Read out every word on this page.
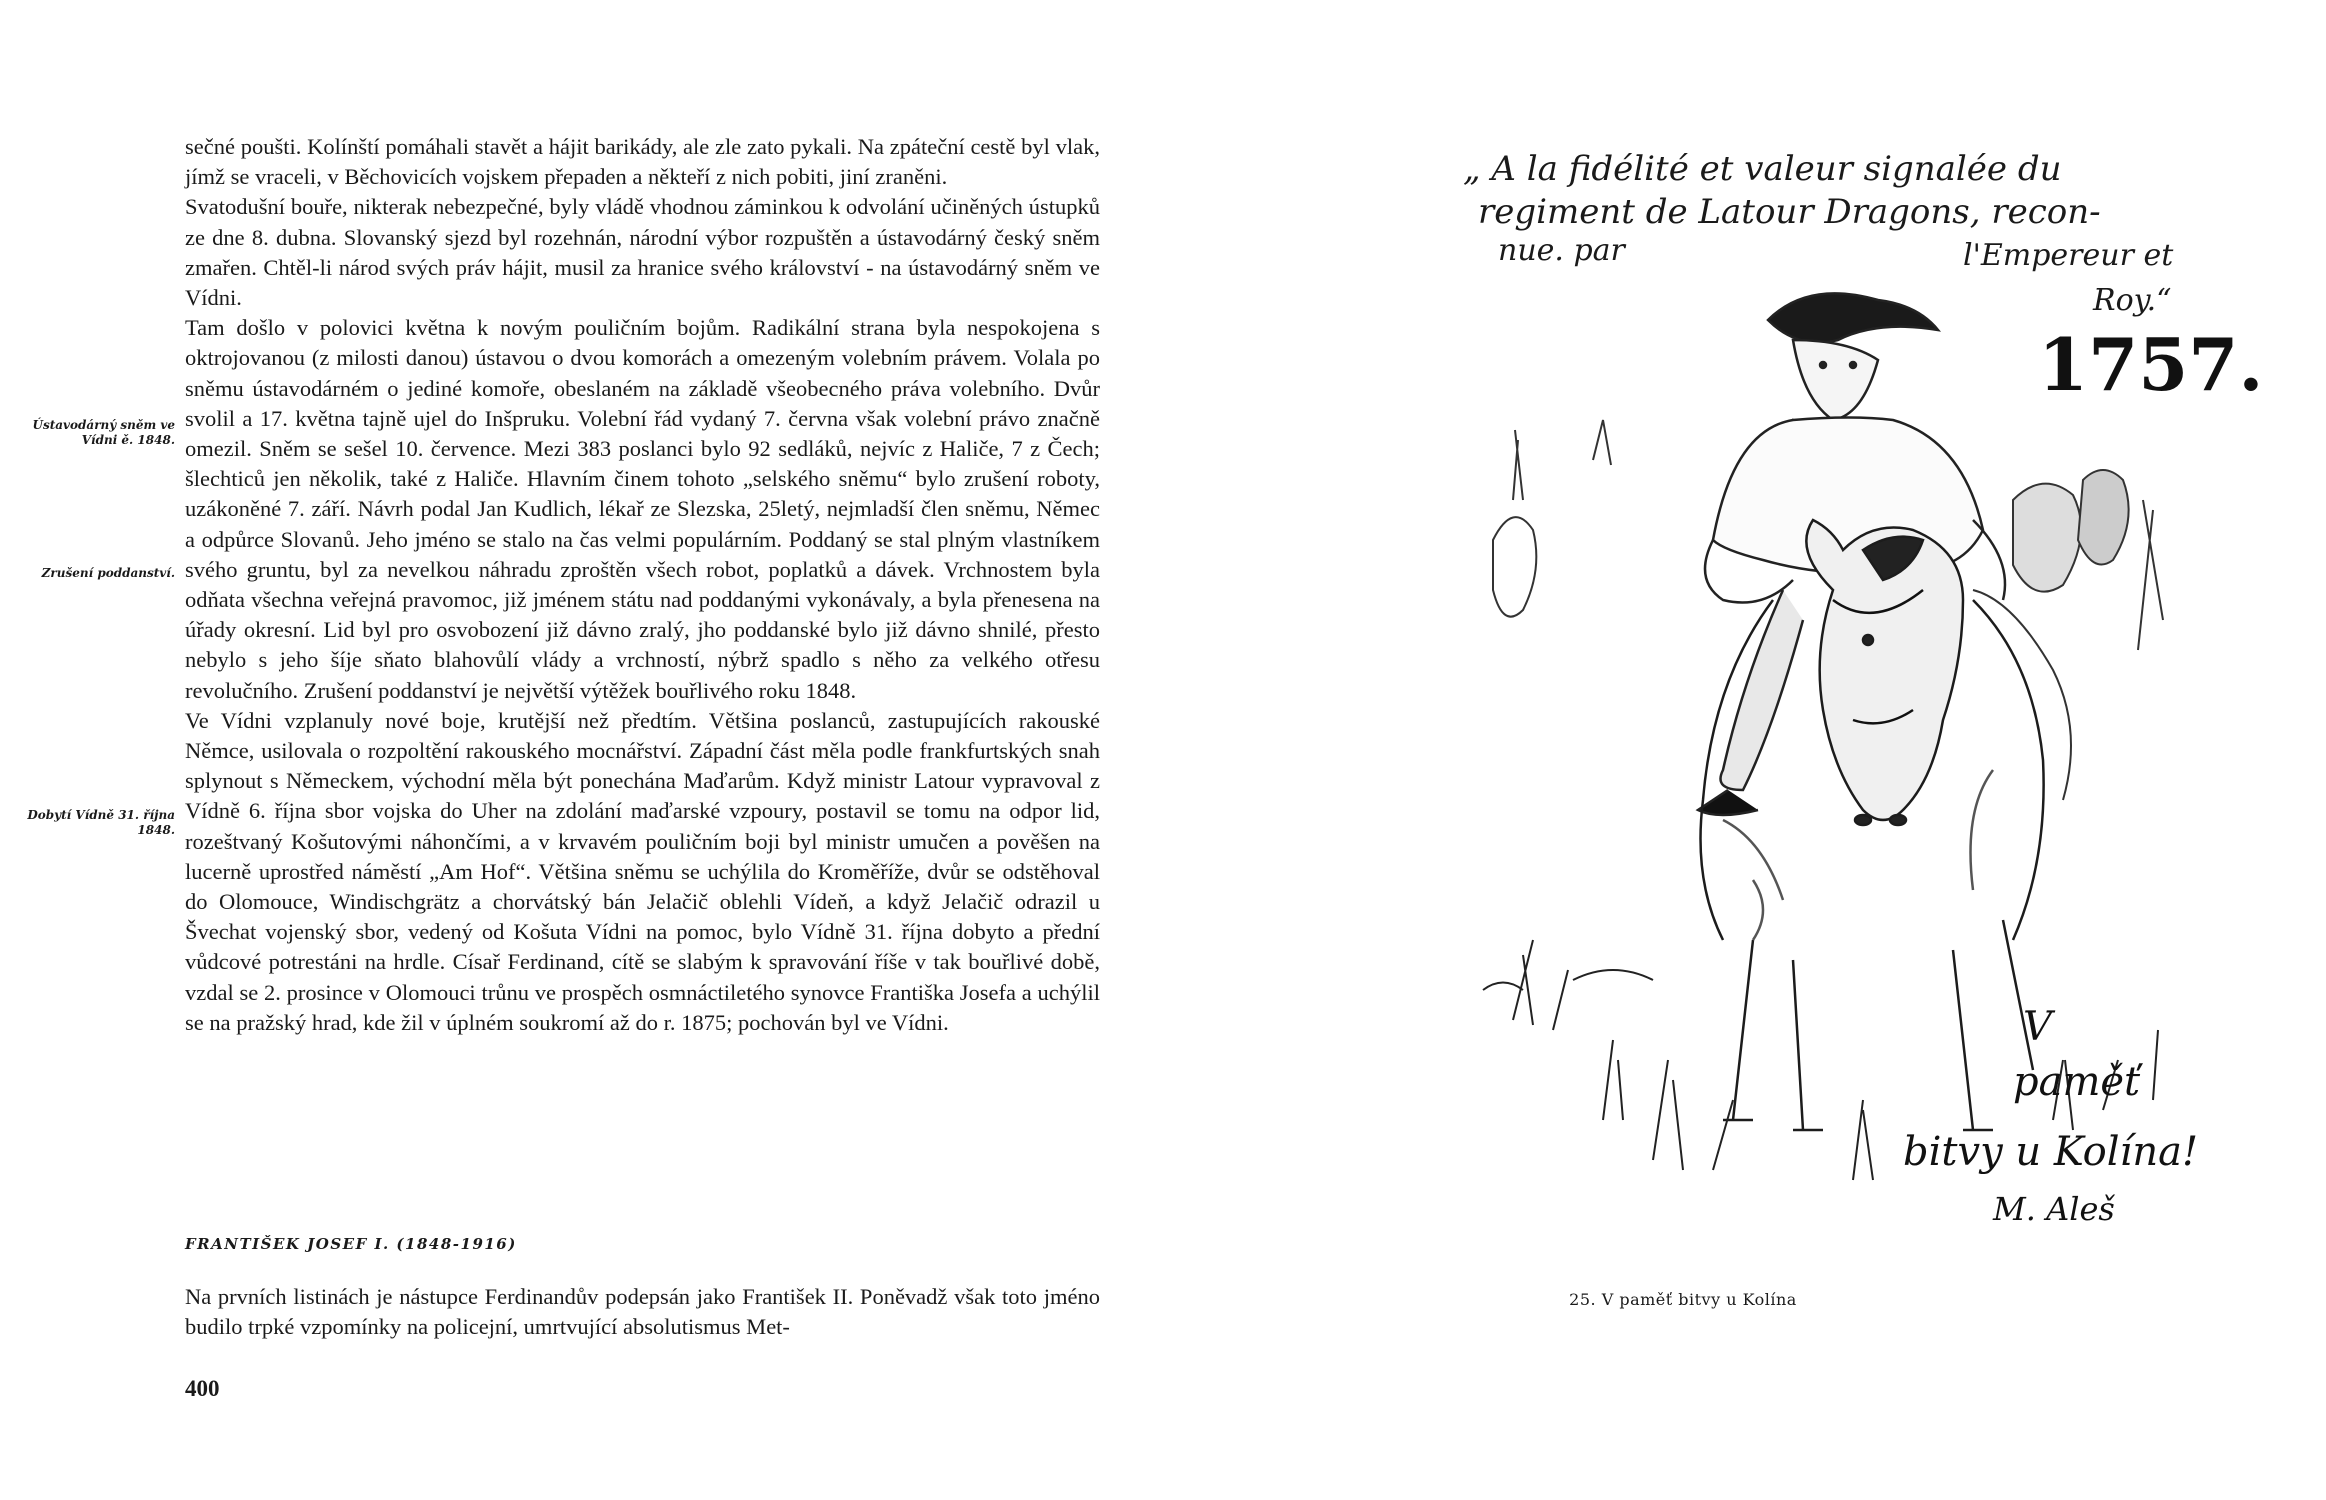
sečné poušti. Kolínští pomáhali stavět a hájit barikády, ale zle zato pykali. Na zpáteční cestě byl vlak, jímž se vraceli, v Běchovicích vojskem přepaden a někteří z nich pobiti, jiní zraněni.

Svatodušní bouře, nikterak nebezpečné, byly vládě vhodnou záminkou k odvolání učiněných ústupků ze dne 8. dubna. Slovanský sjezd byl rozehnán, národní výbor rozpuštěn a ústavodárný český sněm zmařen. Chtěl-li národ svých práv hájit, musil za hranice svého království - na ústavodárný sněm ve Vídni.

Tam došlo v polovici května k novým pouličním bojům. Radikální strana byla nespokojena s oktrojovanou (z milosti danou) ústavou o dvou komorách a omezeným volebním právem. Volala po sněmu ústavodárném o jediné komoře, obeslaném na základě všeobecného práva volebního. Dvůr svolil a 17. května tajně ujel do Inšpruku. Volební řád vydaný 7. června však volební právo značně omezil. Sněm se sešel 10. července. Mezi 383 poslanci bylo 92 sedláků, nejvíc z Haliče, 7 z Čech; šlechticů jen několik, také z Haliče. Hlavním činem tohoto „selského sněmu“ bylo zrušení roboty, uzákoněné 7. září. Návrh podal Jan Kudlich, lékař ze Slezska, 25letý, nejmladší člen sněmu, Němec a odpůrce Slovanů. Jeho jméno se stalo na čas velmi populárním. Poddaný se stal plným vlastníkem svého gruntu, byl za nevelkou náhradu zproštěn všech robot, poplatků a dávek. Vrchnostem byla odňata všechna veřejná pravomoc, již jménem státu nad poddanými vykonávaly, a byla přenesena na úřady okresní. Lid byl pro osvobození již dávno zralý, jho poddanské bylo již dávno shnilé, přesto nebylo s jeho šíje sňato blahovůlí vlády a vrchností, nýbrž spadlo s něho za velkého otřesu revolučního. Zrušení poddanství je největší výtěžek bouřlivého roku 1848.

Ve Vídni vzplanuly nové boje, krutější než předtím. Většina poslanců, zastupujících rakouské Němce, usilovala o rozpoltění rakouského mocnářství. Západní část měla podle frankfurtských snah splynout s Německem, východní měla být ponechána Maďarům. Když ministr Latour vypravoval z Vídně 6. října sbor vojska do Uher na zdolání maďarské vzpoury, postavil se tomu na odpor lid, rozeštvaný Košutovými náhončími, a v krvavém pouličním boji byl ministr umučen a pověšen na lucerně uprostřed náměstí „Am Hof“. Většina sněmu se uchýlila do Kroměříže, dvůr se odstěhoval do Olomouce, Windischgrätz a chorvátský bán Jelačič oblehli Vídeň, a když Jelačič odrazil u Švechat vojenský sbor, vedený od Košuta Vídni na pomoc, bylo Vídně 31. října dobyto a přední vůdcové potrestáni na hrdle. Císař Ferdinand, cítě se slabým k spravování říše v tak bouřlivé době, vzdal se 2. prosince v Olomouci trůnu ve prospěch osmnáctiletého synovce Františka Josefa a uchýlil se na pražský hrad, kde žil v úplném soukromí až do r. 1875; pochován byl ve Vídni.

Ústavodárný sněm ve Vídni ě. 1848.
Zrušení poddanství.
Dobytí Vídně 31. října 1848.
FRANTIŠEK JOSEF I. (1848-1916)
Na prvních listinách je nástupce Ferdinandův podepsán jako František II. Poněvadž však toto jméno budilo trpké vzpomínky na policejní, umrtvující absolutismus Met-
400
„ A la fidélité et valeur signalée du
regiment de Latour Dragons, recon-
nue. par	l'Empereur et
Roy.“
1757.
V
paměť
bitvy u Kolína!
M. Aleš
25. V paměť bitvy u Kolína
